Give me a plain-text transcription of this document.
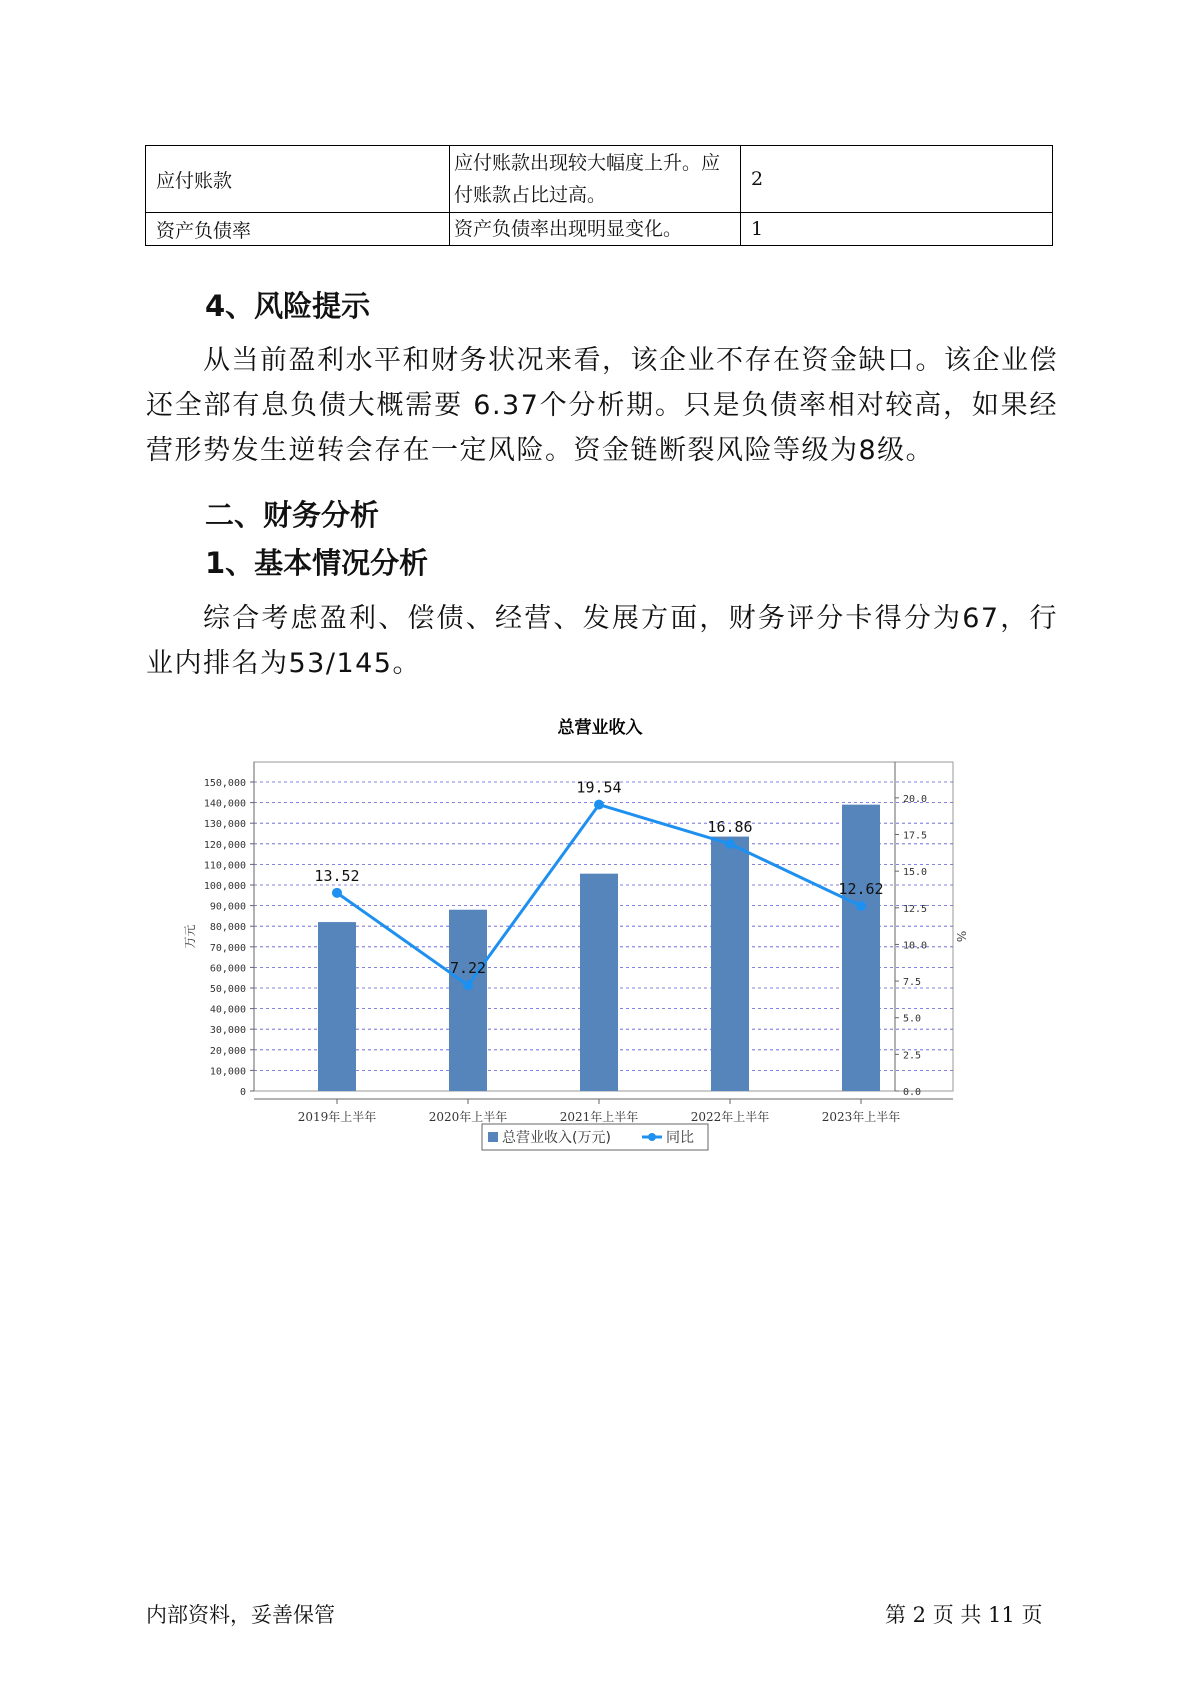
应付账款	应付账款出现较大幅度上升。应付账款占比过高。	2
资产负债率	资产负债率出现明显变化。	1
4、风险提示

从当前盈利水平和财务状况来看，该企业不存在资金缺口。该企业偿还全部有息负债大概需要 6.37个分析期。只是负债率相对较高，如果经营形势发生逆转会存在一定风险。资金链断裂风险等级为8级。

二、财务分析
1、基本情况分析

综合考虑盈利、偿债、经营、发展方面，财务评分卡得分为67，行业内排名为53/145。

总营业收入
0
10,000
20,000
30,000
40,000
50,000
60,000
70,000
80,000
90,000
100,000
110,000
120,000
130,000
140,000
150,000
0.0
2.5
5.0
7.5
10.0
12.5
15.0
17.5
20.0
万元	%
2019年上半年	2020年上半年	2021年上半年	2022年上半年	2023年上半年
13.52
7.22
19.54
16.86
12.62
总营业收入(万元)	同比
内部资料，妥善保管	第 2 页 共 11 页
